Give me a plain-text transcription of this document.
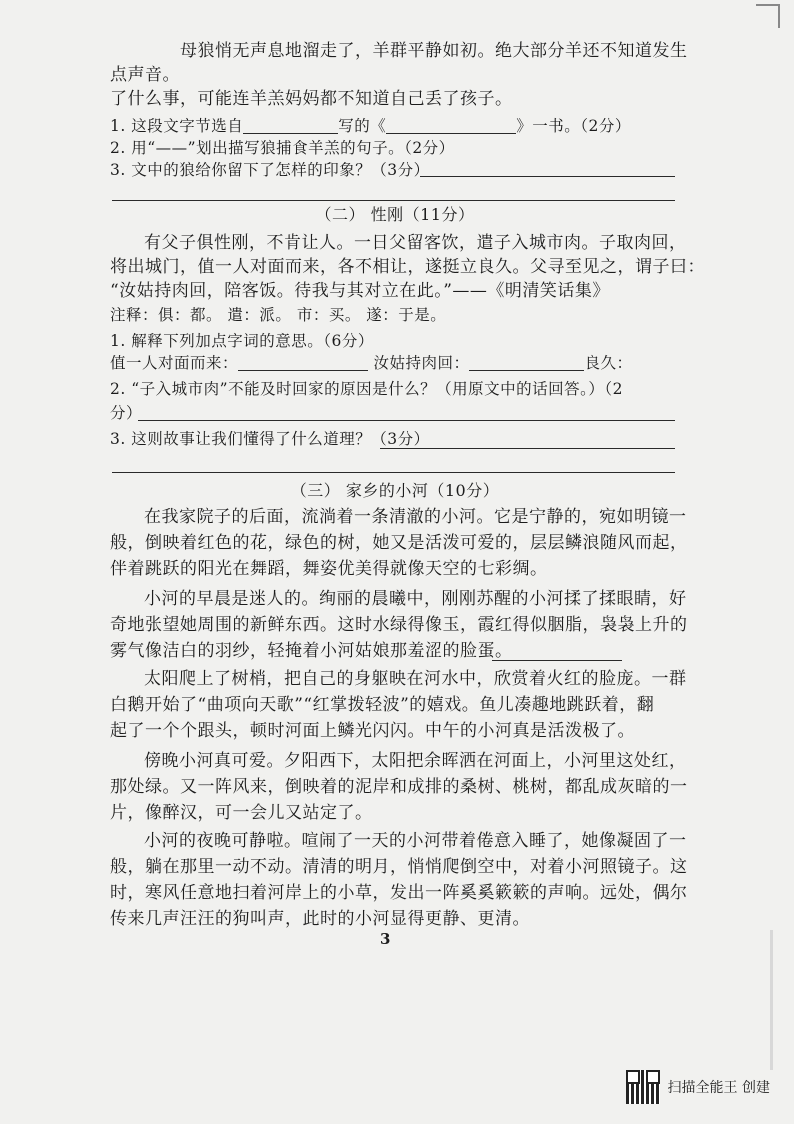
母狼悄无声息地溜走了，羊群平静如初。绝大部分羊还不知道发生
点声音。
了什么事，可能连羊羔妈妈都不知道自己丢了孩子。
1. 这段文字节选自	写的《	》一书。（2分）
2. 用“——”划出描写狼捕食羊羔的句子。（2分）
3. 文中的狼给你留下了怎样的印象？（3分）
（二） 性刚（11分）
有父子俱性刚，不肯让人。一日父留客饮，遣子入城市肉。子取肉回，
将出城门，值一人对面而来，各不相让，遂挺立良久。父寻至见之，谓子曰：
“汝姑持肉回，陪客饭。待我与其对立在此。”——《明清笑话集》
注释：俱：都。 遣：派。 市：买。 遂：于是。
1. 解释下列加点字词的意思。（6分）
值一人对面而来：	汝姑持肉回：	良久：
2. “子入城市肉”不能及时回家的原因是什么？（用原文中的话回答。）（2
分）
3. 这则故事让我们懂得了什么道理？（3分）
（三） 家乡的小河（10分）
在我家院子的后面，流淌着一条清澈的小河。它是宁静的，宛如明镜一
般，倒映着红色的花，绿色的树，她又是活泼可爱的，层层鳞浪随风而起，
伴着跳跃的阳光在舞蹈，舞姿优美得就像天空的七彩绸。
小河的早晨是迷人的。绚丽的晨曦中，刚刚苏醒的小河揉了揉眼睛，好
奇地张望她周围的新鲜东西。这时水绿得像玉，霞红得似胭脂，袅袅上升的
雾气像洁白的羽纱，轻掩着小河姑娘那羞涩的脸蛋。
太阳爬上了树梢，把自己的身躯映在河水中，欣赏着火红的脸庞。一群
白鹅开始了“曲项向天歌”“红掌拨轻波”的嬉戏。鱼儿凑趣地跳跃着，翻
起了一个个跟头，顿时河面上鳞光闪闪。中午的小河真是活泼极了。
傍晚小河真可爱。夕阳西下，太阳把余晖洒在河面上，小河里这处红，
那处绿。又一阵风来，倒映着的泥岸和成排的桑树、桃树，都乱成灰暗的一
片，像醉汉，可一会儿又站定了。
小河的夜晚可静啦。喧闹了一天的小河带着倦意入睡了，她像凝固了一
般，躺在那里一动不动。清清的明月，悄悄爬倒空中，对着小河照镜子。这
时，寒风任意地扫着河岸上的小草，发出一阵奚奚簌簌的声响。远处，偶尔
传来几声汪汪的狗叫声，此时的小河显得更静、更清。
3
扫描全能王 创建
